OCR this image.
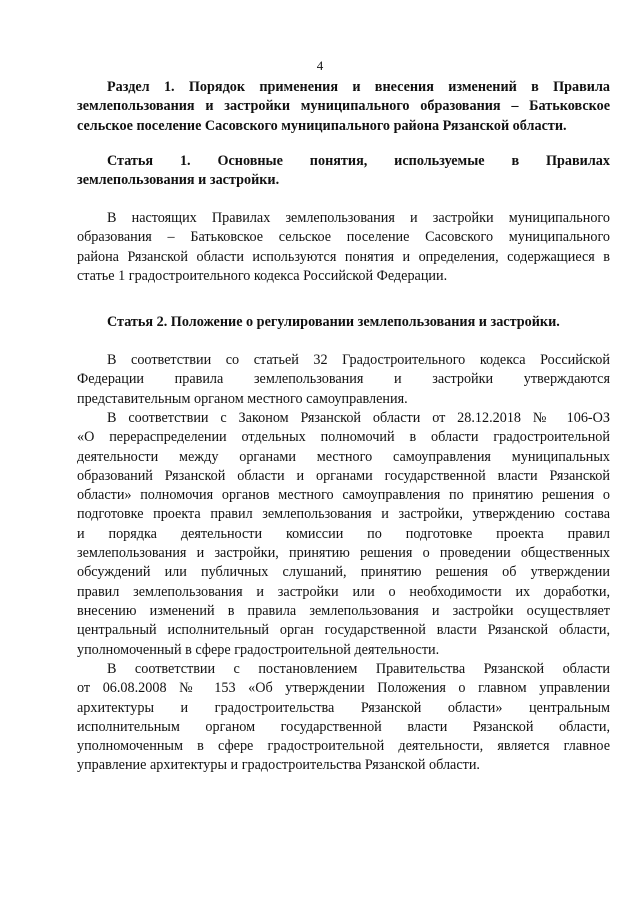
4
Раздел 1. Порядок применения и внесения изменений в Правила
землепользования и застройки муниципального образования – Батьковское
сельское поселение Сасовского муниципального района Рязанской области.
Статья 1. Основные понятия, используемые в Правилах
землепользования и застройки.
В настоящих Правилах землепользования и застройки муниципального
образования – Батьковское сельское поселение Сасовского муниципального
района Рязанской области используются понятия и определения, содержащиеся в
статье 1 градостроительного кодекса Российской Федерации.
Статья 2. Положение о регулировании землепользования и застройки.
В соответствии со статьей 32 Градостроительного кодекса Российской
Федерации правила землепользования и застройки утверждаются
представительным органом местного самоуправления.
В соответствии с Законом Рязанской области от 28.12.2018 № 106-ОЗ
«О перераспределении отдельных полномочий в области градостроительной
деятельности между органами местного самоуправления муниципальных
образований Рязанской области и органами государственной власти Рязанской
области» полномочия органов местного самоуправления по принятию решения о
подготовке проекта правил землепользования и застройки, утверждению состава
и порядка деятельности комиссии по подготовке проекта правил
землепользования и застройки, принятию решения о проведении общественных
обсуждений или публичных слушаний, принятию решения об утверждении
правил землепользования и застройки или о необходимости их доработки,
внесению изменений в правила землепользования и застройки осуществляет
центральный исполнительный орган государственной власти Рязанской области,
уполномоченный в сфере градостроительной деятельности.
В соответствии с постановлением Правительства Рязанской области
от 06.08.2008 № 153 «Об утверждении Положения о главном управлении
архитектуры и градостроительства Рязанской области» центральным
исполнительным органом государственной власти Рязанской области,
уполномоченным в сфере градостроительной деятельности, является главное
управление архитектуры и градостроительства Рязанской области.
